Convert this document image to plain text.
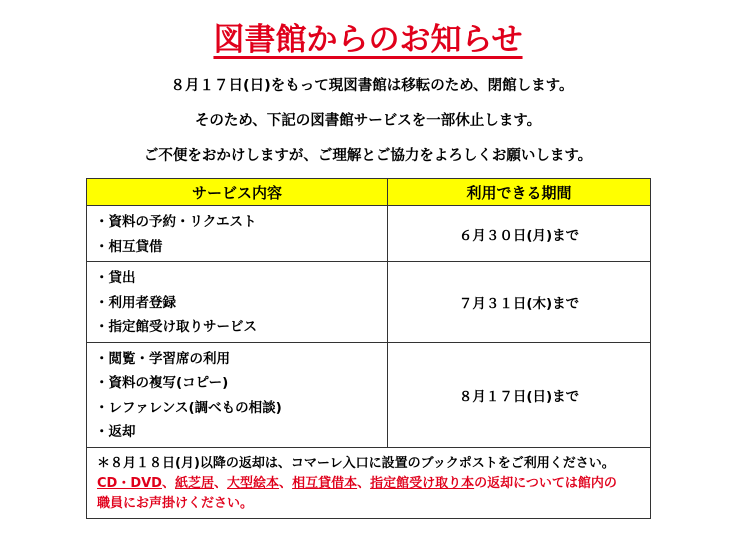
図書館からのお知らせ
８月１７日(日)をもって現図書館は移転のため、閉館します。
そのため、下記の図書館サービスを一部休止します。
ご不便をおかけしますが、ご理解とご協力をよろしくお願いします。
サービス内容	利用できる期間

・資料の予約・リクエスト
・相互貸借	６月３０日(月)まで

・貸出
・利用者登録
・指定館受け取りサービス	７月３１日(木)まで

・閲覧・学習席の利用
・資料の複写(コピー)
・レファレンス(調べもの相談)
・返却	８月１７日(日)まで

＊８月１８日(月)以降の返却は、コマーレ入口に設置のブックポストをご利用ください。
CD・DVD、紙芝居、大型絵本、相互貸借本、指定館受け取り本の返却については館内の
職員にお声掛けください。	
